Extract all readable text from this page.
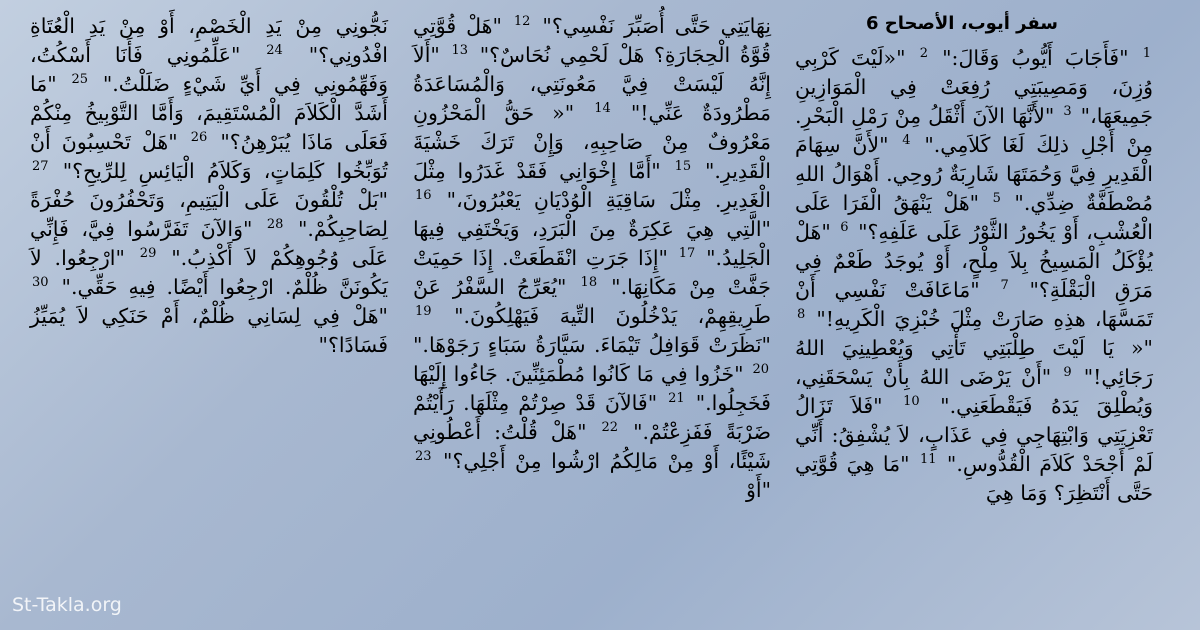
سفر أيوب، الأصحاح 6
$^1$ "فَأَجَابَ أَيُّوبُ وَقَالَ:" $^2$ "«لَيْتَ كَرْبِي وُزِنَ، وَمَصِيبَتِي رُفِعَتْ فِي الْمَوَازِينِ جَمِيعَهَا،" $^3$ "لأَنَّهَا الآنَ أَثْقَلُ مِنْ رَمْلِ الْبَحْرِ. مِنْ أَجْلِ ذلِكَ لَغَا كَلاَمِي." $^4$ "لأَنَّ سِهَامَ الْقَدِيرِ فِيَّ وَحُمَتَهَا شَارِبَةٌ رُوحِي. أَهْوَالُ اللهِ مُصْطَفَّةٌ ضِدِّي." $^5$ "هَلْ يَنْهَقُ الْفَرَا عَلَى الْعُشْبِ، أَوْ يَخُورُ الثَّوْرُ عَلَى عَلَفِهِ؟" $^6$ "هَلْ يُؤْكَلُ الْمَسِيخُ بِلاَ مِلْحٍ، أَوْ يُوجَدُ طَعْمٌ فِي مَرَقِ الْبَقْلَةِ؟" $^7$ "مَاعَافَتْ نَفْسِي أَنْ تَمَسَّهَا، هذِهِ صَارَتْ مِثْلَ خُبْزِيَ الْكَرِيهِ!" $^8$ "« يَا لَيْتَ طِلْبَتِي تَأْتِي وَيُعْطِينِيَ اللهُ رَجَائِي!" $^9$ "أَنْ يَرْضَى اللهُ بِأَنْ يَسْحَقَنِي، وَيُطْلِقَ يَدَهُ فَيَقْطَعَنِي." $^{10}$ "فَلاَ تَزَالُ تَعْزِيَتِي وَابْتِهَاجِي فِي عَذَابٍ، لاَ يُشْفِقُ: أَنِّي لَمْ أَجْحَدْ كَلاَمَ الْقُدُّوسِ." $^{11}$ "مَا هِيَ قُوَّتِي حَتَّى أَنْتَظِرَ؟ وَمَا هِيَ
نِهَايَتِي حَتَّى أُصَبِّرَ نَفْسِي؟" $^{12}$ "هَلْ قُوَّتِي قُوَّةُ الْحِجَارَةِ؟ هَلْ لَحْمِي نُحَاسٌ؟" $^{13}$ "أَلاَ إِنَّهُ لَيْسَتْ فِيَّ مَعُونَتِي، وَالْمُسَاعَدَةُ مَطْرُودَةٌ عَنِّي!" $^{14}$ "« حَقُّ الْمَحْزُونِ مَعْرُوفٌ مِنْ صَاحِبِهِ، وَإِنْ تَرَكَ خَشْيَةَ الْقَدِيرِ." $^{15}$ "أَمَّا إِخْوَانِي فَقَدْ غَدَرُوا مِثْلَ الْغَدِيرِ. مِثْلَ سَاقِيَةِ الْوُدْيَانِ يَعْبُرُونَ،" $^{16}$ "الَّتِي هِيَ عَكِرَةٌ مِنَ الْبَرَدِ، وَيَخْتَفِي فِيهَا الْجَلِيدُ." $^{17}$ "إِذَا جَرَتِ انْقَطَعَتْ. إِذَا حَمِيَتْ جَفَّتْ مِنْ مَكَانِهَا." $^{18}$ "يُعَرِّجُ السَّفْرُ عَنْ طَرِيقِهِمْ، يَدْخُلُونَ التِّيهَ فَيَهْلِكُونَ." $^{19}$ "نَظَرَتْ قَوَافِلُ تَيْمَاءَ. سَيَّارَةُ سَبَاءٍ رَجَوْهَا." $^{20}$ "خَزُوا فِي مَا كَانُوا مُطْمَئِنِّينَ. جَاءُوا إِلَيْهَا فَخَجِلُوا." $^{21}$ "فَالآنَ قَدْ صِرْتُمْ مِثْلَهَا. رَأَيْتُمْ ضَرْبَةً فَفَزِعْتُمْ." $^{22}$ "هَلْ قُلْتُ: أَعْطُونِي شَيْئًا، أَوْ مِنْ مَالِكُمُ ارْشُوا مِنْ أَجْلِي؟" $^{23}$ "أَوْ
نَجُّونِي مِنْ يَدِ الْخَصْمِ، أَوْ مِنْ يَدِ الْعُتَاةِ افْدُونِي؟" $^{24}$ "عَلِّمُونِي فَأَنَا أَسْكُتُ، وَفَهِّمُونِي فِي أَيِّ شَيْءٍ ضَلَلْتُ." $^{25}$ "مَا أَشَدَّ الْكَلاَمَ الْمُسْتَقِيمَ، وَأَمَّا التَّوْبِيخُ مِنْكُمْ فَعَلَى مَاذَا يُبَرْهِنُ؟" $^{26}$ "هَلْ تَحْسِبُونَ أَنْ تُوَبِّخُوا كَلِمَاتٍ، وَكَلاَمُ الْيَائِسِ لِلرِّيحِ؟" $^{27}$ "بَلْ تُلْقُونَ عَلَى الْيَتِيمِ، وَتَحْفُرُونَ حُفْرَةً لِصَاحِبِكُمْ." $^{28}$ "وَالآنَ تَفَرَّسُوا فِيَّ، فَإِنِّي عَلَى وُجُوهِكُمْ لاَ أَكْذِبُ." $^{29}$ "ارْجِعُوا. لاَ يَكُونَنَّ ظُلْمٌ. ارْجِعُوا أَيْضًا. فِيهِ حَقِّي." $^{30}$ "هَلْ فِي لِسَانِي ظُلْمٌ، أَمْ حَنَكِي لاَ يُمَيِّزُ فَسَادًا؟"
St-Takla.org
